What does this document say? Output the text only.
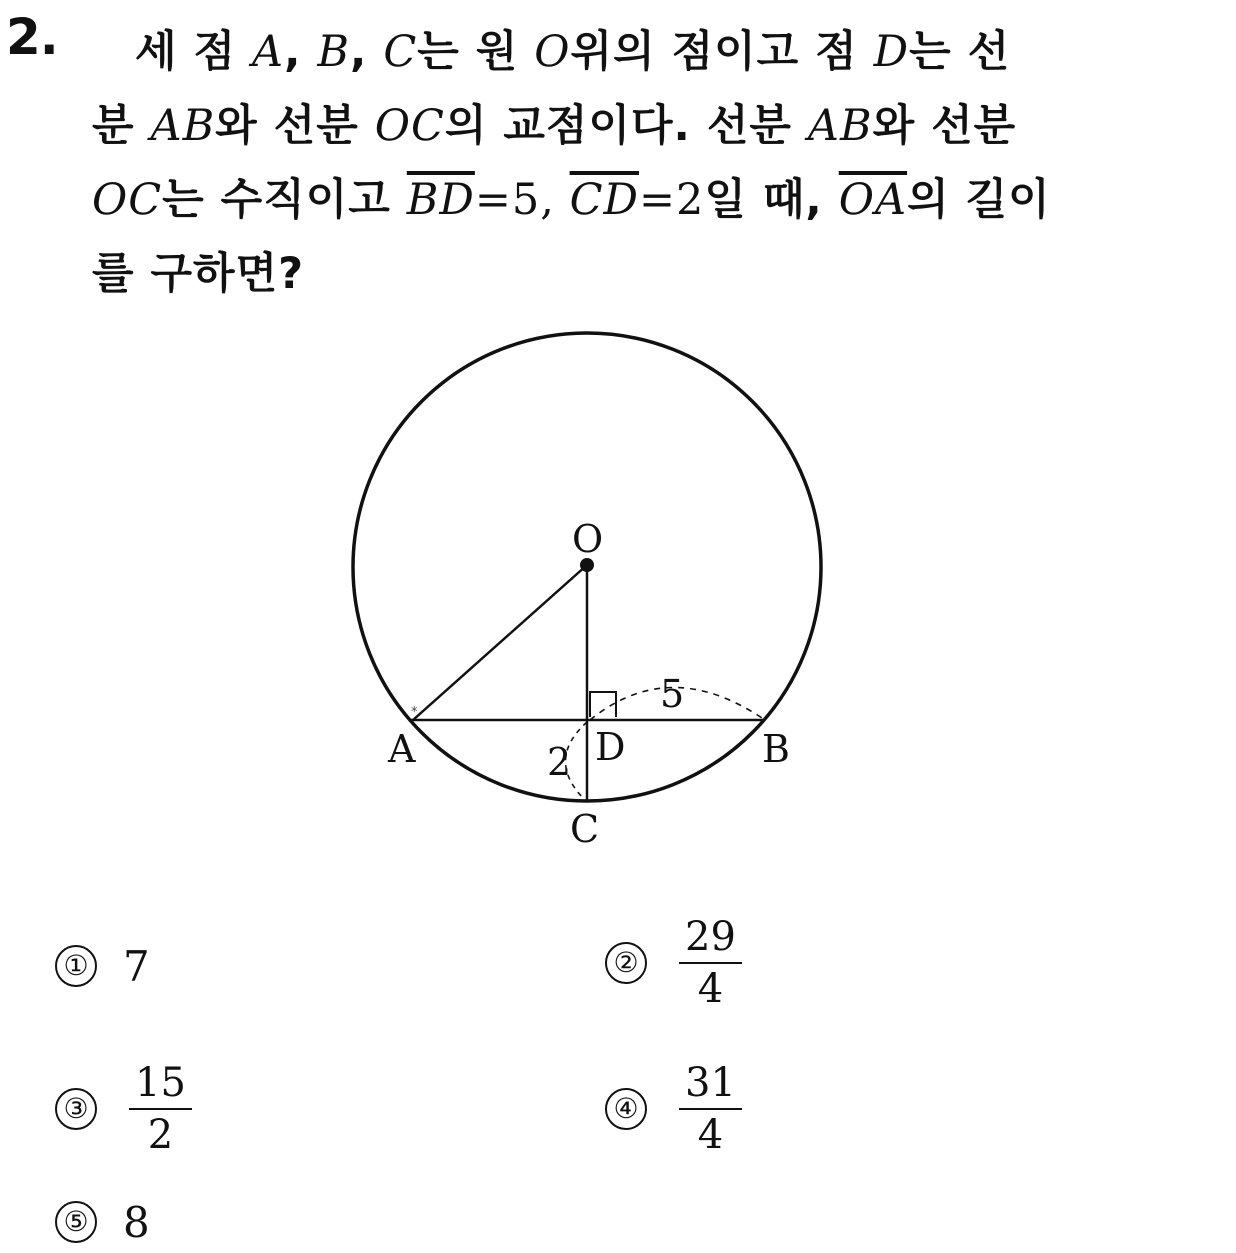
2. 세 점 A, B, C는 원 O위의 점이고 점 D는 선
분 AB와 선분 OC의 교점이다. 선분 AB와 선분
OC는 수직이고 $\overline{BD}=5$, $\overline{CD}=2$일 때, $\overline{OA}$의 길이
를 구하면?
O
A	B
C
D
5
2
*
① 7	② $\frac{29}{4}$
③ $\frac{15}{2}$	④ $\frac{31}{4}$
⑤ 8
